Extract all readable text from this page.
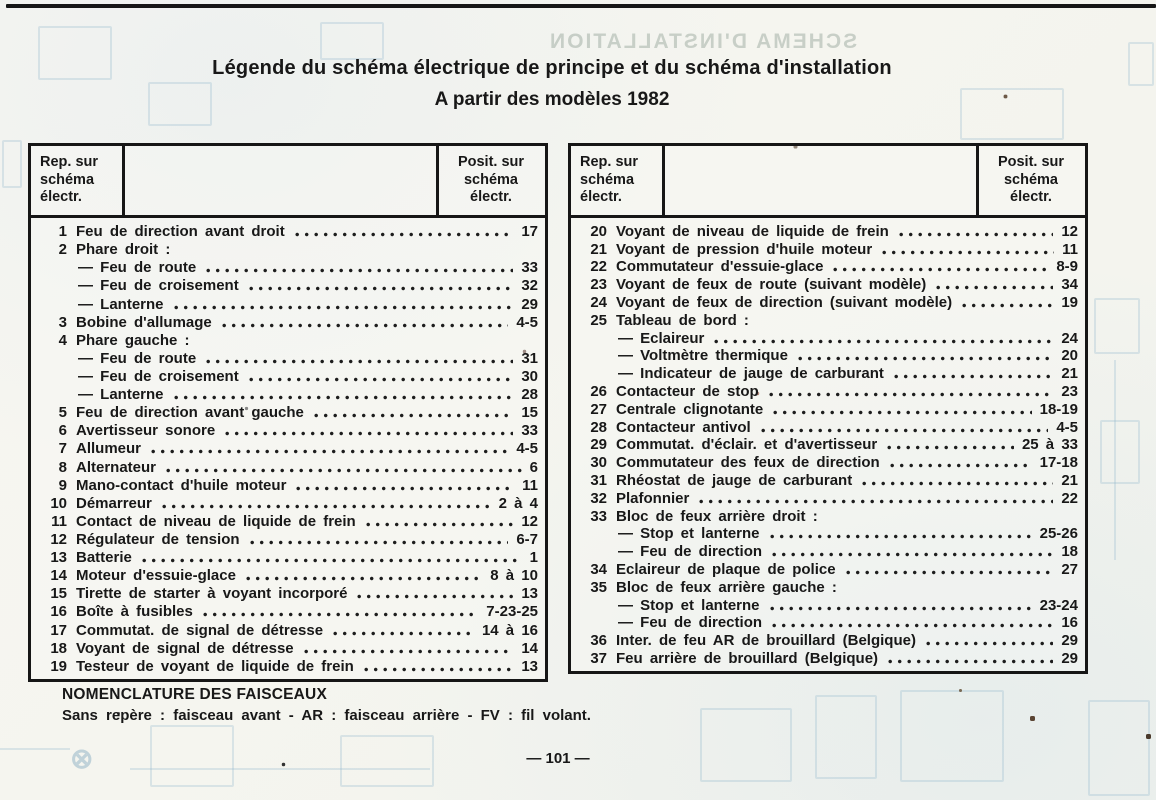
SCHEMA D'INSTALLATION
⊗
Légende du schéma électrique de principe et du schéma d'installation
A partir des modèles 1982
Rep. sur schéma électr.
Posit. sur schéma électr.
1 Feu de direction avant droit	17
2 Phare droit :
— Feu de route	33
— Feu de croisement	32
— Lanterne	29
3 Bobine d'allumage	4-5
4 Phare gauche :
— Feu de route	31
— Feu de croisement	30
— Lanterne	28
5 Feu de direction avant gauche	15
6 Avertisseur sonore	33
7 Allumeur	4-5
8 Alternateur	6
9 Mano-contact d'huile moteur	11
10 Démarreur	2 à 4
11 Contact de niveau de liquide de frein	12
12 Régulateur de tension	6-7
13 Batterie	1
14 Moteur d'essuie-glace	8 à 10
15 Tirette de starter à voyant incorporé	13
16 Boîte à fusibles	7-23-25
17 Commutat. de signal de détresse	14 à 16
18 Voyant de signal de détresse	14
19 Testeur de voyant de liquide de frein	13
Rep. sur schéma électr.
Posit. sur schéma électr.
20 Voyant de niveau de liquide de frein	12
21 Voyant de pression d'huile moteur	11
22 Commutateur d'essuie-glace	8-9
23 Voyant de feux de route (suivant modèle)	34
24 Voyant de feux de direction (suivant modèle)	19
25 Tableau de bord :
— Eclaireur	24
— Voltmètre thermique	20
— Indicateur de jauge de carburant	21
26 Contacteur de stop	23
27 Centrale clignotante	18-19
28 Contacteur antivol	4-5
29 Commutat. d'éclair. et d'avertisseur	25 à 33
30 Commutateur des feux de direction	17-18
31 Rhéostat de jauge de carburant	21
32 Plafonnier	22
33 Bloc de feux arrière droit :
— Stop et lanterne	25-26
— Feu de direction	18
34 Eclaireur de plaque de police	27
35 Bloc de feux arrière gauche :
— Stop et lanterne	23-24
— Feu de direction	16
36 Inter. de feu AR de brouillard (Belgique)	29
37 Feu arrière de brouillard (Belgique)	29
NOMENCLATURE DES FAISCEAUX
Sans repère : faisceau avant - AR : faisceau arrière - FV : fil volant.
— 101 —
